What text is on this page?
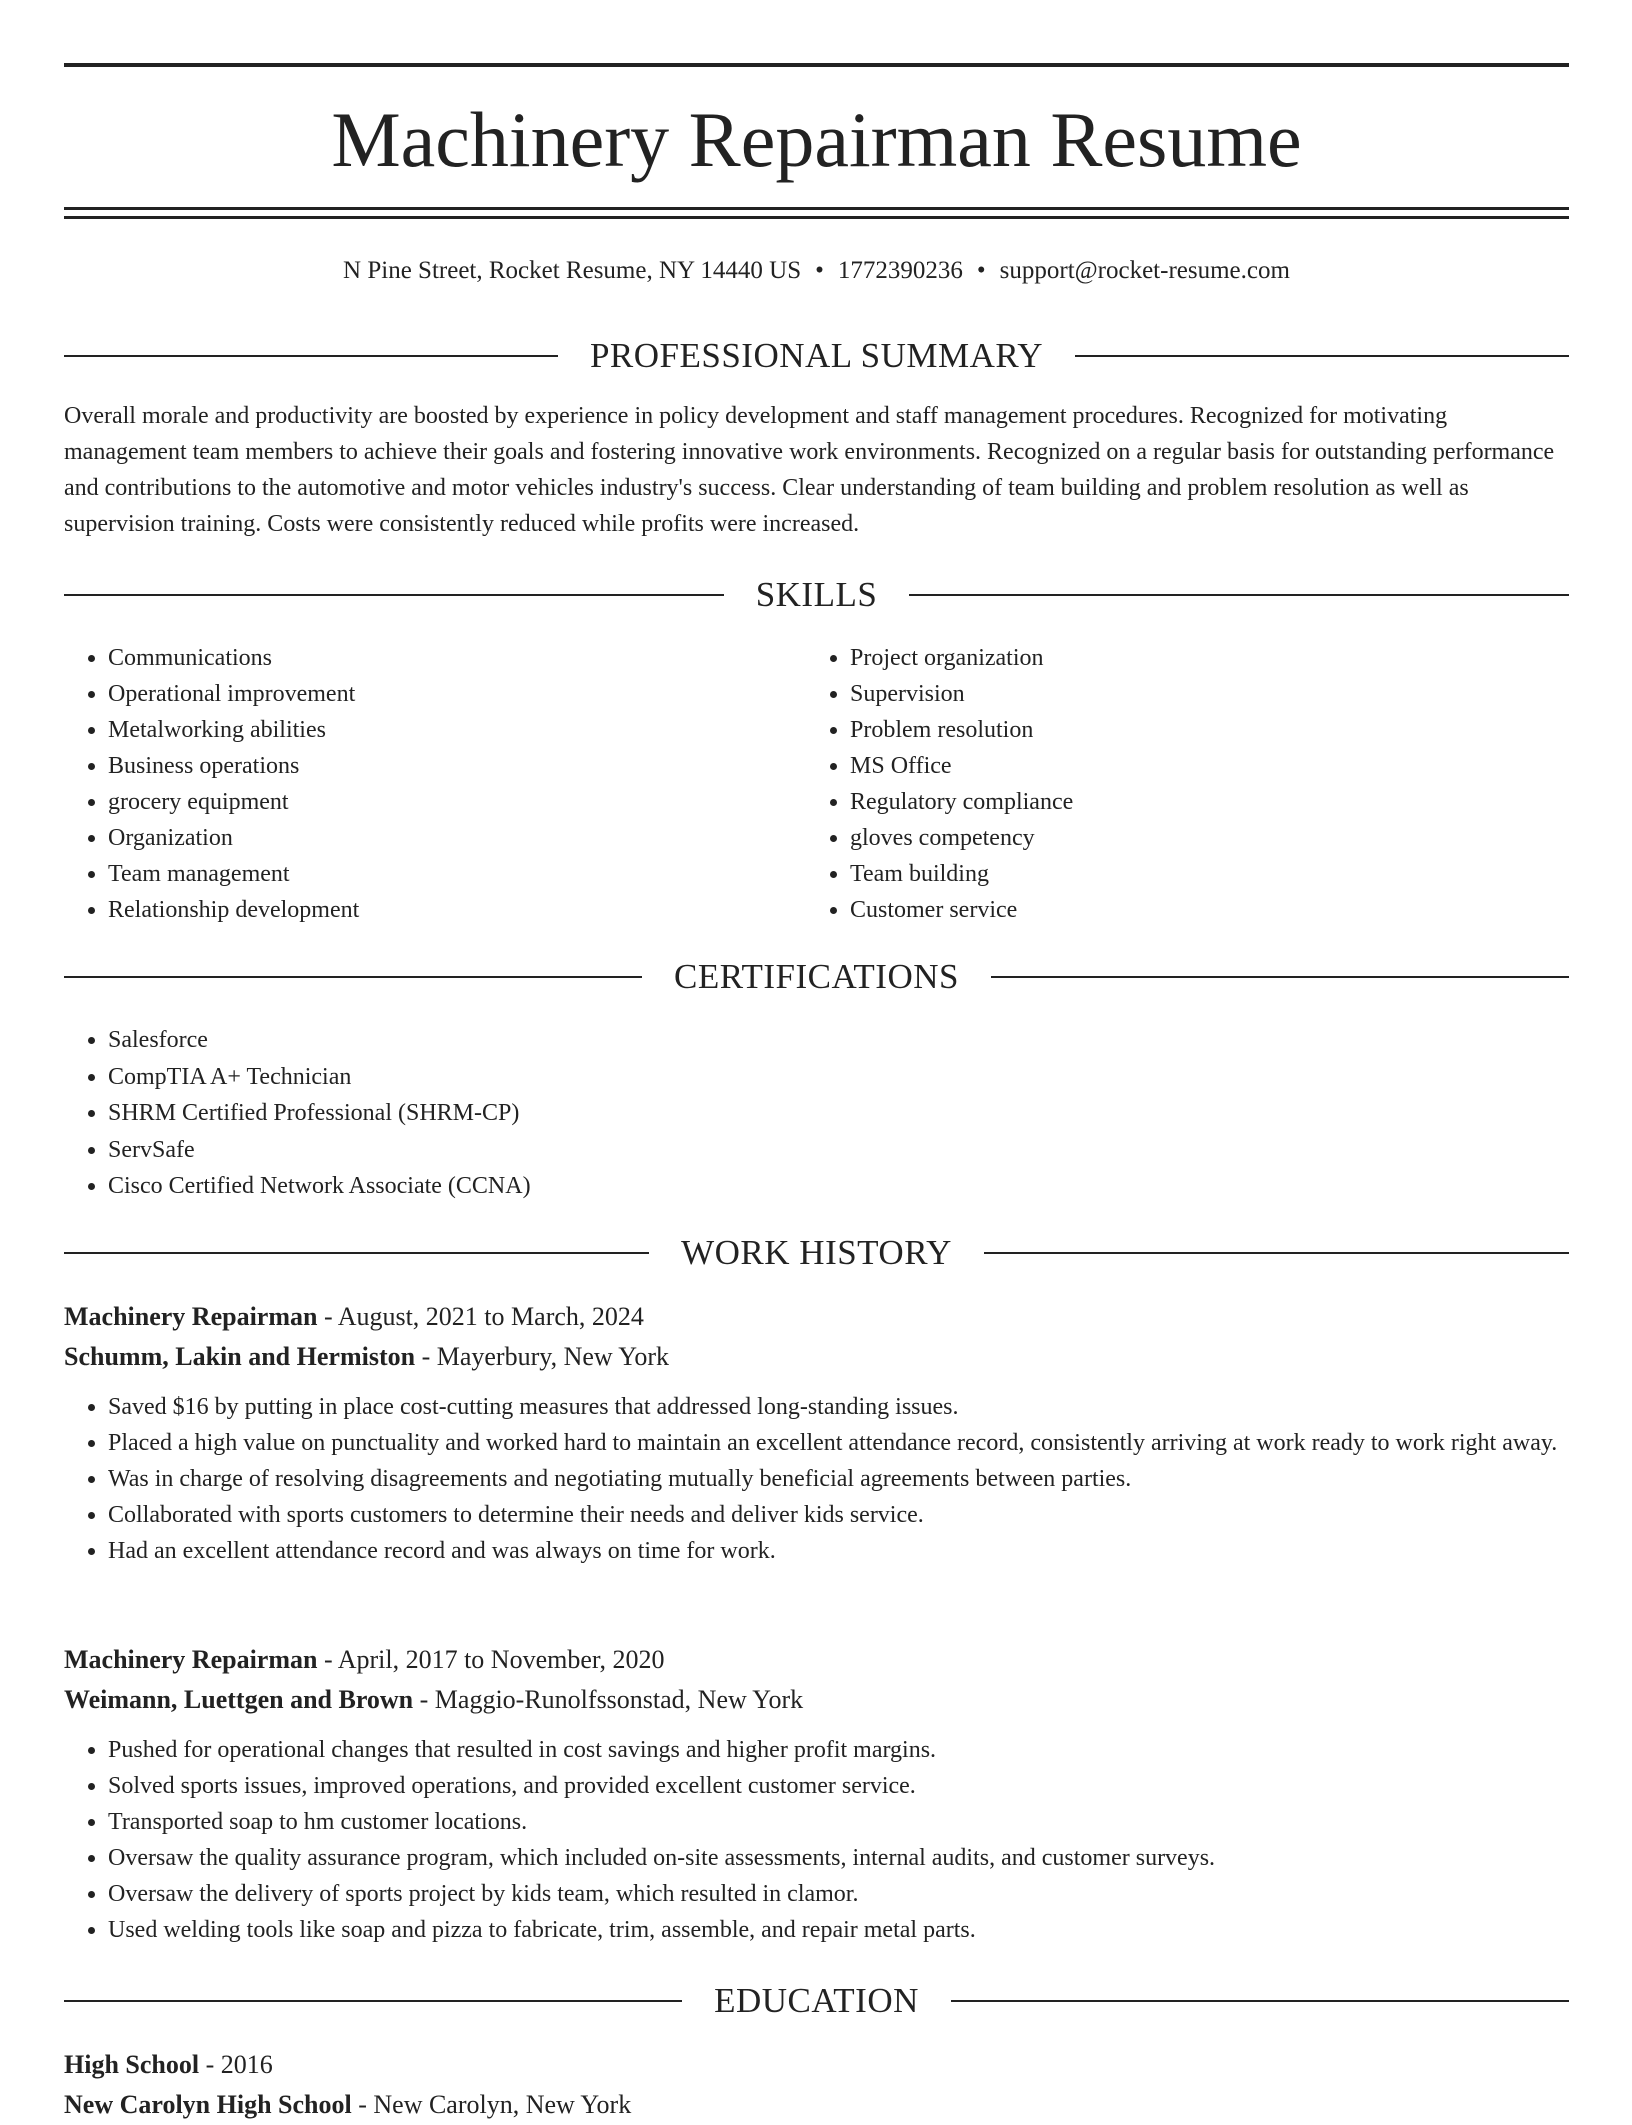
Machinery Repairman Resume
N Pine Street, Rocket Resume, NY 14440 US • 1772390236 • support@rocket-resume.com
PROFESSIONAL SUMMARY

Overall morale and productivity are boosted by experience in policy development and staff management procedures. Recognized for motivating management team members to achieve their goals and fostering innovative work environments. Recognized on a regular basis for outstanding performance and contributions to the automotive and motor vehicles industry's success. Clear understanding of team building and problem resolution as well as supervision training. Costs were consistently reduced while profits were increased.

SKILLS
• Communications
• Operational improvement
• Metalworking abilities
• Business operations
• grocery equipment
• Organization
• Team management
• Relationship development
• Project organization
• Supervision
• Problem resolution
• MS Office
• Regulatory compliance
• gloves competency
• Team building
• Customer service
CERTIFICATIONS
• Salesforce
• CompTIA A+ Technician
• SHRM Certified Professional (SHRM-CP)
• ServSafe
• Cisco Certified Network Associate (CCNA)
WORK HISTORY
Machinery Repairman - August, 2021 to March, 2024
Schumm, Lakin and Hermiston - Mayerbury, New York
• Saved $16 by putting in place cost-cutting measures that addressed long-standing issues.
• Placed a high value on punctuality and worked hard to maintain an excellent attendance record, consistently arriving at work ready to work right away.
• Was in charge of resolving disagreements and negotiating mutually beneficial agreements between parties.
• Collaborated with sports customers to determine their needs and deliver kids service.
• Had an excellent attendance record and was always on time for work.
Machinery Repairman - April, 2017 to November, 2020
Weimann, Luettgen and Brown - Maggio-Runolfssonstad, New York
• Pushed for operational changes that resulted in cost savings and higher profit margins.
• Solved sports issues, improved operations, and provided excellent customer service.
• Transported soap to hm customer locations.
• Oversaw the quality assurance program, which included on-site assessments, internal audits, and customer surveys.
• Oversaw the delivery of sports project by kids team, which resulted in clamor.
• Used welding tools like soap and pizza to fabricate, trim, assemble, and repair metal parts.
EDUCATION
High School - 2016
New Carolyn High School - New Carolyn, New York
